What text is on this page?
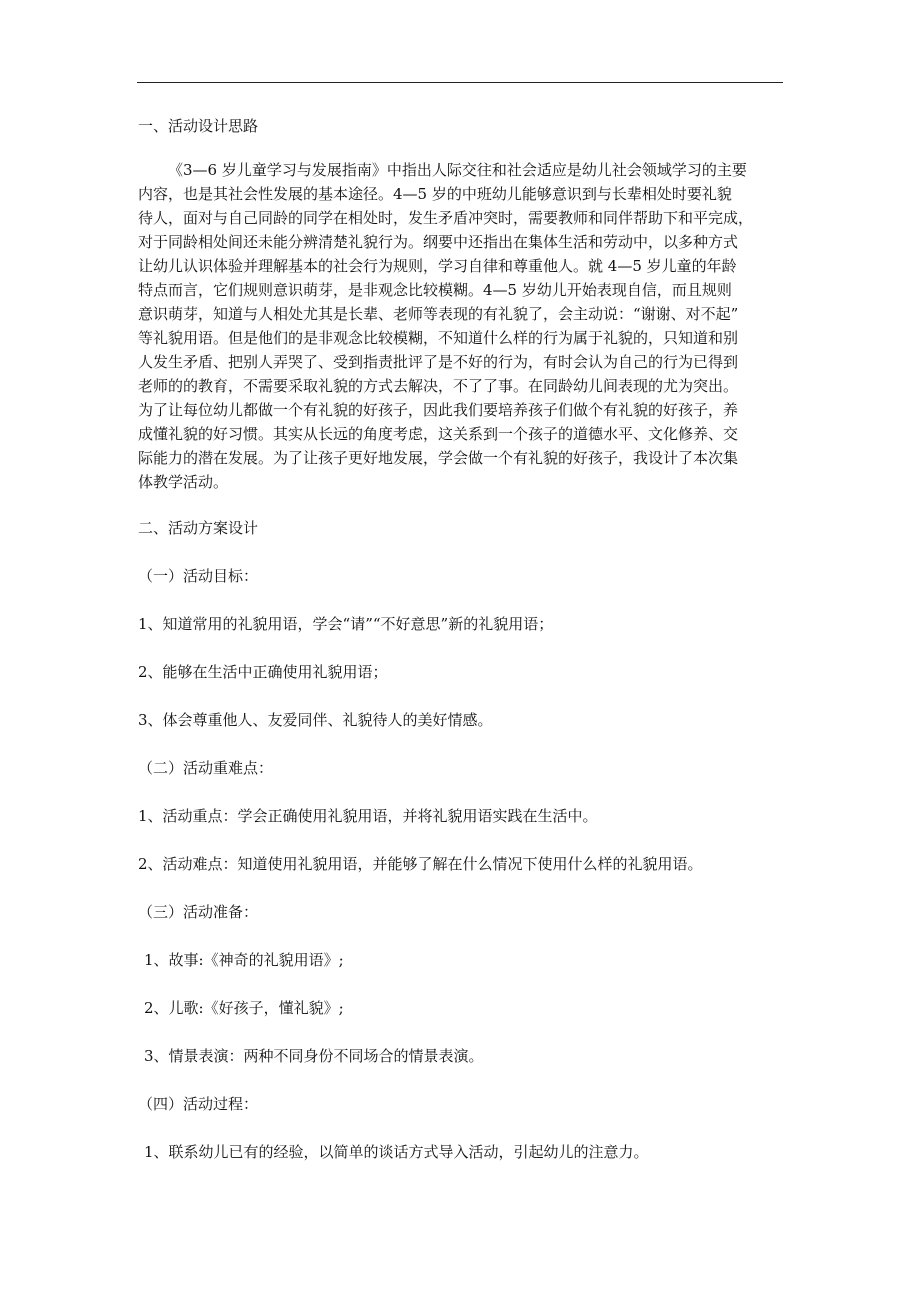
一、活动设计思路
《3—6 岁儿童学习与发展指南》中指出人际交往和社会适应是幼儿社会领域学习的主要
内容，也是其社会性发展的基本途径。4—5 岁的中班幼儿能够意识到与长辈相处时要礼貌
待人，面对与自己同龄的同学在相处时，发生矛盾冲突时，需要教师和同伴帮助下和平完成，
对于同龄相处间还未能分辨清楚礼貌行为。纲要中还指出在集体生活和劳动中，以多种方式
让幼儿认识体验并理解基本的社会行为规则，学习自律和尊重他人。就 4—5 岁儿童的年龄
特点而言，它们规则意识萌芽，是非观念比较模糊。4—5 岁幼儿开始表现自信，而且规则
意识萌芽，知道与人相处尤其是长辈、老师等表现的有礼貌了，会主动说：“谢谢、对不起”
等礼貌用语。但是他们的是非观念比较模糊，不知道什么样的行为属于礼貌的，只知道和别
人发生矛盾、把别人弄哭了、受到指责批评了是不好的行为，有时会认为自己的行为已得到
老师的的教育，不需要采取礼貌的方式去解决，不了了事。在同龄幼儿间表现的尤为突出。
为了让每位幼儿都做一个有礼貌的好孩子，因此我们要培养孩子们做个有礼貌的好孩子，养
成懂礼貌的好习惯。其实从长远的角度考虑，这关系到一个孩子的道德水平、文化修养、交
际能力的潜在发展。为了让孩子更好地发展，学会做一个有礼貌的好孩子，我设计了本次集
体教学活动。
二、活动方案设计
（一）活动目标：
1、知道常用的礼貌用语，学会“请”“不好意思”新的礼貌用语；
2、能够在生活中正确使用礼貌用语；
3、体会尊重他人、友爱同伴、礼貌待人的美好情感。
（二）活动重难点：
1、活动重点：学会正确使用礼貌用语，并将礼貌用语实践在生活中。
2、活动难点：知道使用礼貌用语，并能够了解在什么情况下使用什么样的礼貌用语。
（三）活动准备：
1、故事:《神奇的礼貌用语》;
2、儿歌:《好孩子，懂礼貌》;
3、情景表演：两种不同身份不同场合的情景表演。
（四）活动过程：
1、联系幼儿已有的经验，以简单的谈话方式导入活动，引起幼儿的注意力。
